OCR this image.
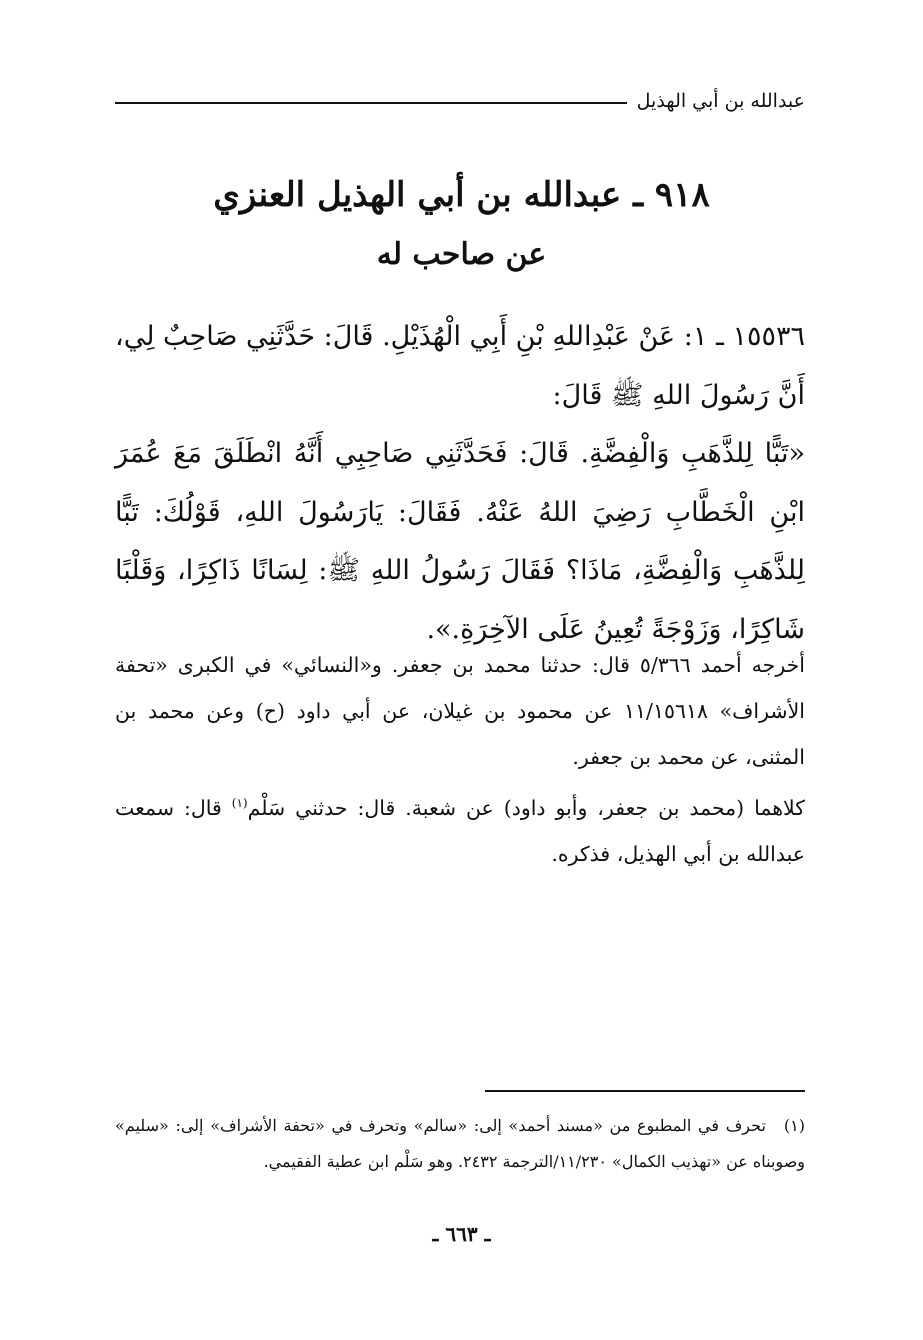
عبدالله بن أبي الهذيل
٩١٨ ـ عبدالله بن أبي الهذيل العنزي
عن صاحب له

١٥٥٣٦ ـ ١: عَنْ عَبْدِاللهِ بْنِ أَبِي الْهُذَيْلِ. قَالَ: حَدَّثَنِي صَاحِبٌ لِي، أَنَّ رَسُولَ اللهِ ﷺ قَالَ:

«تَبًّا لِلذَّهَبِ وَالْفِضَّةِ. قَالَ: فَحَدَّثَنِي صَاحِبِي أَنَّهُ انْطَلَقَ مَعَ عُمَرَ ابْنِ الْخَطَّابِ رَضِيَ اللهُ عَنْهُ. فَقَالَ: يَارَسُولَ اللهِ، قَوْلُكَ: تَبًّا لِلذَّهَبِ وَالْفِضَّةِ، مَاذَا؟ فَقَالَ رَسُولُ اللهِ ﷺ: لِسَانًا ذَاكِرًا، وَقَلْبًا شَاكِرًا، وَزَوْجَةً تُعِينُ عَلَى الآخِرَةِ.».

أخرجه أحمد ٥/٣٦٦ قال: حدثنا محمد بن جعفر. و«النسائي» في الكبرى «تحفة الأشراف» ١١/١٥٦١٨ عن محمود بن غيلان، عن أبي داود (ح) وعن محمد بن المثنى، عن محمد بن جعفر.

كلاهما (محمد بن جعفر، وأبو داود) عن شعبة. قال: حدثني سَلْم$^{(١)}$ قال: سمعت عبدالله بن أبي الهذيل، فذكره.

(١)تحرف في المطبوع من «مسند أحمد» إلى: «سالم» وتحرف في «تحفة الأشراف» إلى: «سليم» وصوبناه عن «تهذيب الكمال» ١١/٢٣٠/الترجمة ٢٤٣٢. وهو سَلْم ابن عطية الفقيمي.

ـ ٦٦٣ ـ
